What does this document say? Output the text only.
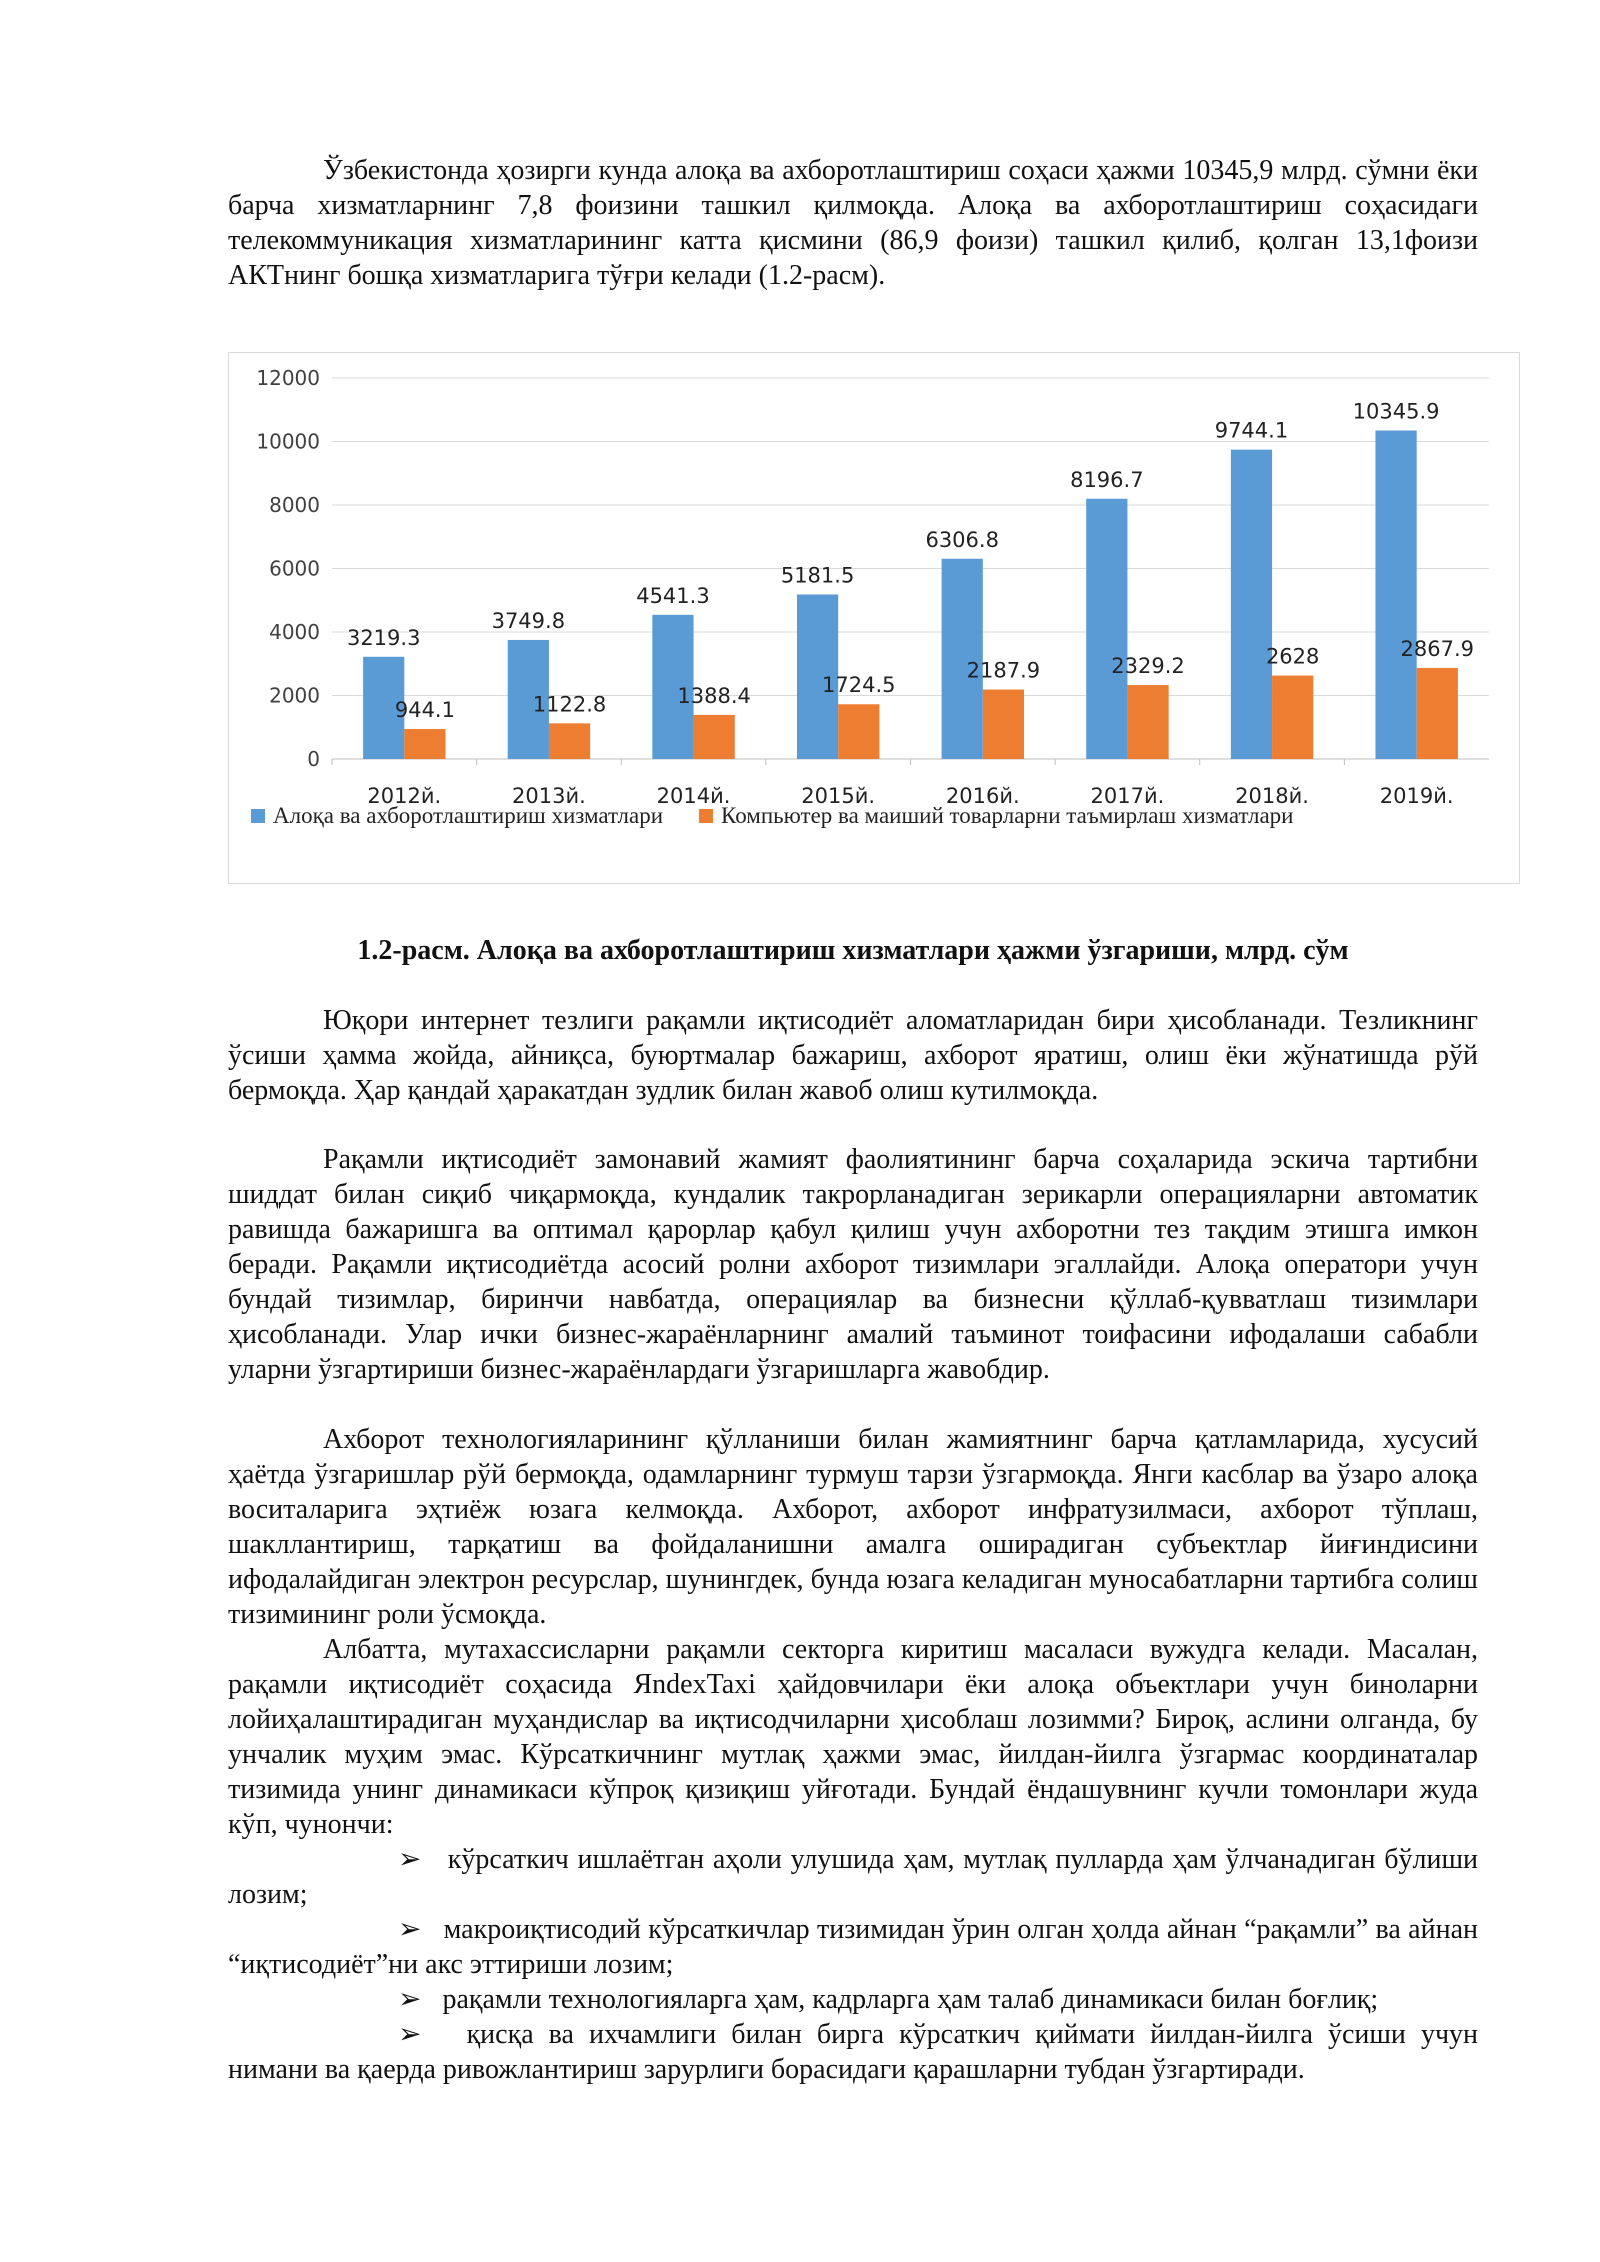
Ўзбекистонда ҳозирги кунда алоқа ва ахборотлаштириш соҳаси ҳажми 10345,9 млрд. сўмни ёки барча хизматларнинг 7,8 фоизини ташкил қилмоқда. Алоқа ва ахборотлаштириш соҳасидаги телекоммуникация хизматларининг катта қисмини (86,9 фоизи) ташкил қилиб, қолган 13,1фоизи АКТнинг бошқа хизматларига тўғри келади (1.2-расм).

0
2000
4000
6000
8000
10000
12000
2012й.
3219.3
944.1
2013й.
3749.8
1122.8
2014й.
4541.3
1388.4
2015й.
5181.5
1724.5
2016й.
6306.8
2187.9
2017й.
8196.7
2329.2
2018й.
9744.1
2628
2019й.
10345.9
2867.9
Алоқа ва ахборотлаштириш хизматлари	Компьютер ва маиший товарларни таъмирлаш хизматлари

1.2-расм. Алоқа ва ахборотлаштириш хизматлари ҳажми ўзгариши, млрд. сўм

Юқори интернет тезлиги рақамли иқтисодиёт аломатларидан бири ҳисобланади. Тезликнинг ўсиши ҳамма жойда, айниқса, буюртмалар бажариш, ахборот яратиш, олиш ёки жўнатишда рўй бермоқда. Ҳар қандай ҳаракатдан зудлик билан жавоб олиш кутилмоқда.

Рақамли иқтисодиёт замонавий жамият фаолиятининг барча соҳаларида эскича тартибни шиддат билан сиқиб чиқармоқда, кундалик такрорланадиган зерикарли операцияларни автоматик равишда бажаришга ва оптимал қарорлар қабул қилиш учун ахборотни тез тақдим этишга имкон беради. Рақамли иқтисодиётда асосий ролни ахборот тизимлари эгаллайди. Алоқа оператори учун бундай тизимлар, биринчи навбатда, операциялар ва бизнесни қўллаб-қувватлаш тизимлари ҳисобланади. Улар ички бизнес-жараёнларнинг амалий таъминот тоифасини ифодалаши сабабли уларни ўзгартириши бизнес-жараёнлардаги ўзгаришларга жавобдир.

Ахборот технологияларининг қўлланиши билан жамиятнинг барча қатламларида, хусусий ҳаётда ўзгаришлар рўй бермоқда, одамларнинг турмуш тарзи ўзгармоқда. Янги касблар ва ўзаро алоқа воситаларига эҳтиёж юзага келмоқда. Ахборот, ахборот инфратузилмаси, ахборот тўплаш, шакллантириш, тарқатиш ва фойдаланишни амалга оширадиган субъектлар йиғиндисини ифодалайдиган электрон ресурслар, шунингдек, бунда юзага келадиган муносабатларни тартибга солиш тизимининг роли ўсмоқда.

Албатта, мутахассисларни рақамли секторга киритиш масаласи вужудга келади. Масалан, рақамли иқтисодиёт соҳасида ЯndexTaxi ҳайдовчилари ёки алоқа объектлари учун биноларни лойиҳалаштирадиган муҳандислар ва иқтисодчиларни ҳисоблаш лозимми? Бироқ, аслини олганда, бу унчалик муҳим эмас. Кўрсаткичнинг мутлақ ҳажми эмас, йилдан-йилга ўзгармас координаталар тизимида унинг динамикаси кўпроқ қизиқиш уйғотади. Бундай ёндашувнинг кучли томонлари жуда кўп, чунончи:

➢ кўрсаткич ишлаётган аҳоли улушида ҳам, мутлақ пулларда ҳам ўлчанадиган бўлиши лозим;

➢ макроиқтисодий кўрсаткичлар тизимидан ўрин олган ҳолда айнан “рақамли” ва айнан “иқтисодиёт”ни акс эттириши лозим;

➢ рақамли технологияларга ҳам, кадрларга ҳам талаб динамикаси билан боғлиқ;

➢ қисқа ва ихчамлиги билан бирга кўрсаткич қиймати йилдан-йилга ўсиши учун нимани ва қаерда ривожлантириш зарурлиги борасидаги қарашларни тубдан ўзгартиради.
